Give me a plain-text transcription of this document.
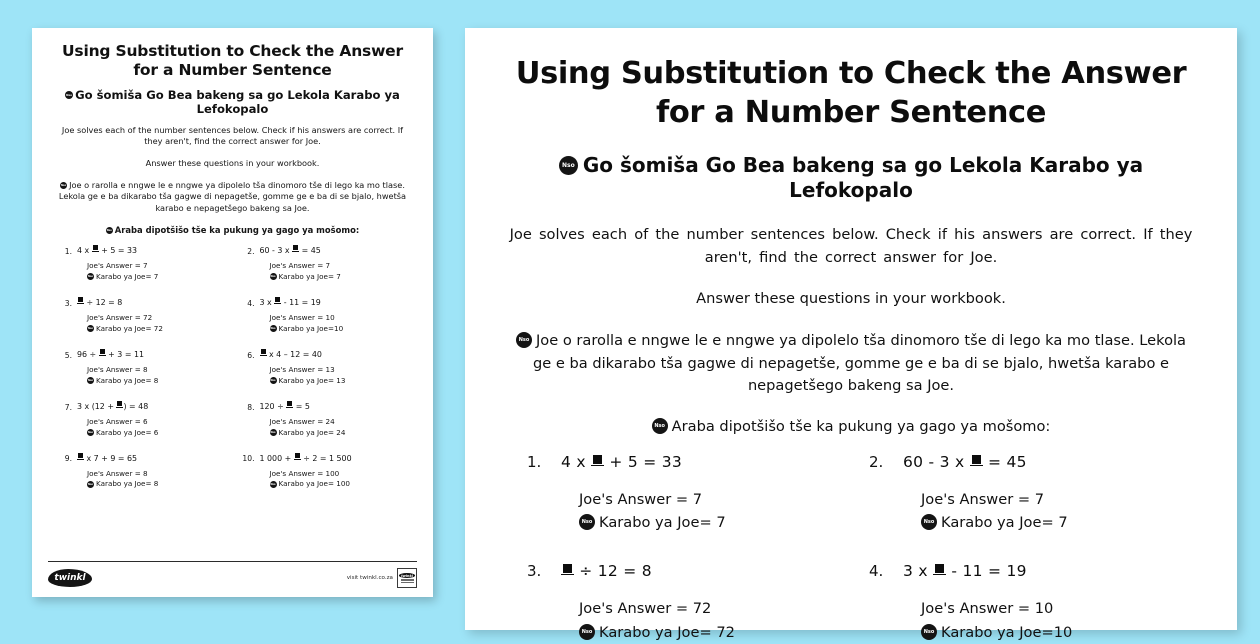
Using Substitution to Check the Answer for a Number Sentence
Nso Go šomiša Go Bea bakeng sa go Lekola Karabo ya Lefokopalo
Joe solves each of the number sentences below. Check if his answers are correct. If they aren't, find the correct answer for Joe.
Answer these questions in your workbook.
Nso Joe o rarolla e nngwe le e nngwe ya dipolelo tša dinomoro tše di lego ka mo tlase. Lekola ge e ba dikarabo tša gagwe di nepagetše, gomme ge e ba di se bjalo, hwetša karabo e nepagetšego bakeng sa Joe.
Nso Araba dipotšišo tše ka pukung ya gago ya mošomo:
1. 4 x
+ 5 = 33
Joe's Answer = 7
Nso Karabo ya Joe= 7
2. 60 - 3 x
= 45
Joe's Answer = 7
Nso Karabo ya Joe= 7
3.	÷ 12 = 8
Joe's Answer = 72
Nso Karabo ya Joe= 72
4. 3 x
- 11 = 19
Joe's Answer = 10
Nso Karabo ya Joe=10
5. 96 ÷
+ 3 = 11
Joe's Answer = 8
Nso Karabo ya Joe= 8
6.	x 4 – 12 = 40
Joe's Answer = 13
Nso Karabo ya Joe= 13
7. 3 x (12 +
) = 48
Joe's Answer = 6
Nso Karabo ya Joe= 6
8. 120 ÷
= 5
Joe's Answer = 24
Nso Karabo ya Joe= 24
9.	x 7 + 9 = 65
Joe's Answer = 8
Nso Karabo ya Joe= 8
10. 1 000 +
÷ 2 = 1 500
Joe's Answer = 100
Nso Karabo ya Joe= 100
twinkl	visit twinkl.co.za	twinkl
Using Substitution to Check the Answer for a Number Sentence
Nso Go šomiša Go Bea bakeng sa go Lekola Karabo ya Lefokopalo
Joe solves each of the number sentences below. Check if his answers are correct. If they aren't, find the correct answer for Joe.
Answer these questions in your workbook.
Nso Joe o rarolla e nngwe le e nngwe ya dipolelo tša dinomoro tše di lego ka mo tlase. Lekola ge e ba dikarabo tša gagwe di nepagetše, gomme ge e ba di se bjalo, hwetša karabo e nepagetšego bakeng sa Joe.
Nso Araba dipotšišo tše ka pukung ya gago ya mošomo:
1.	4 x
+ 5 = 33
Joe's Answer = 7
Nso Karabo ya Joe= 7
2.	60 - 3 x
= 45
Joe's Answer = 7
Nso Karabo ya Joe= 7
3.	÷ 12 = 8
Joe's Answer = 72
Nso Karabo ya Joe= 72
4.	3 x
- 11 = 19
Joe's Answer = 10
Nso Karabo ya Joe=10
